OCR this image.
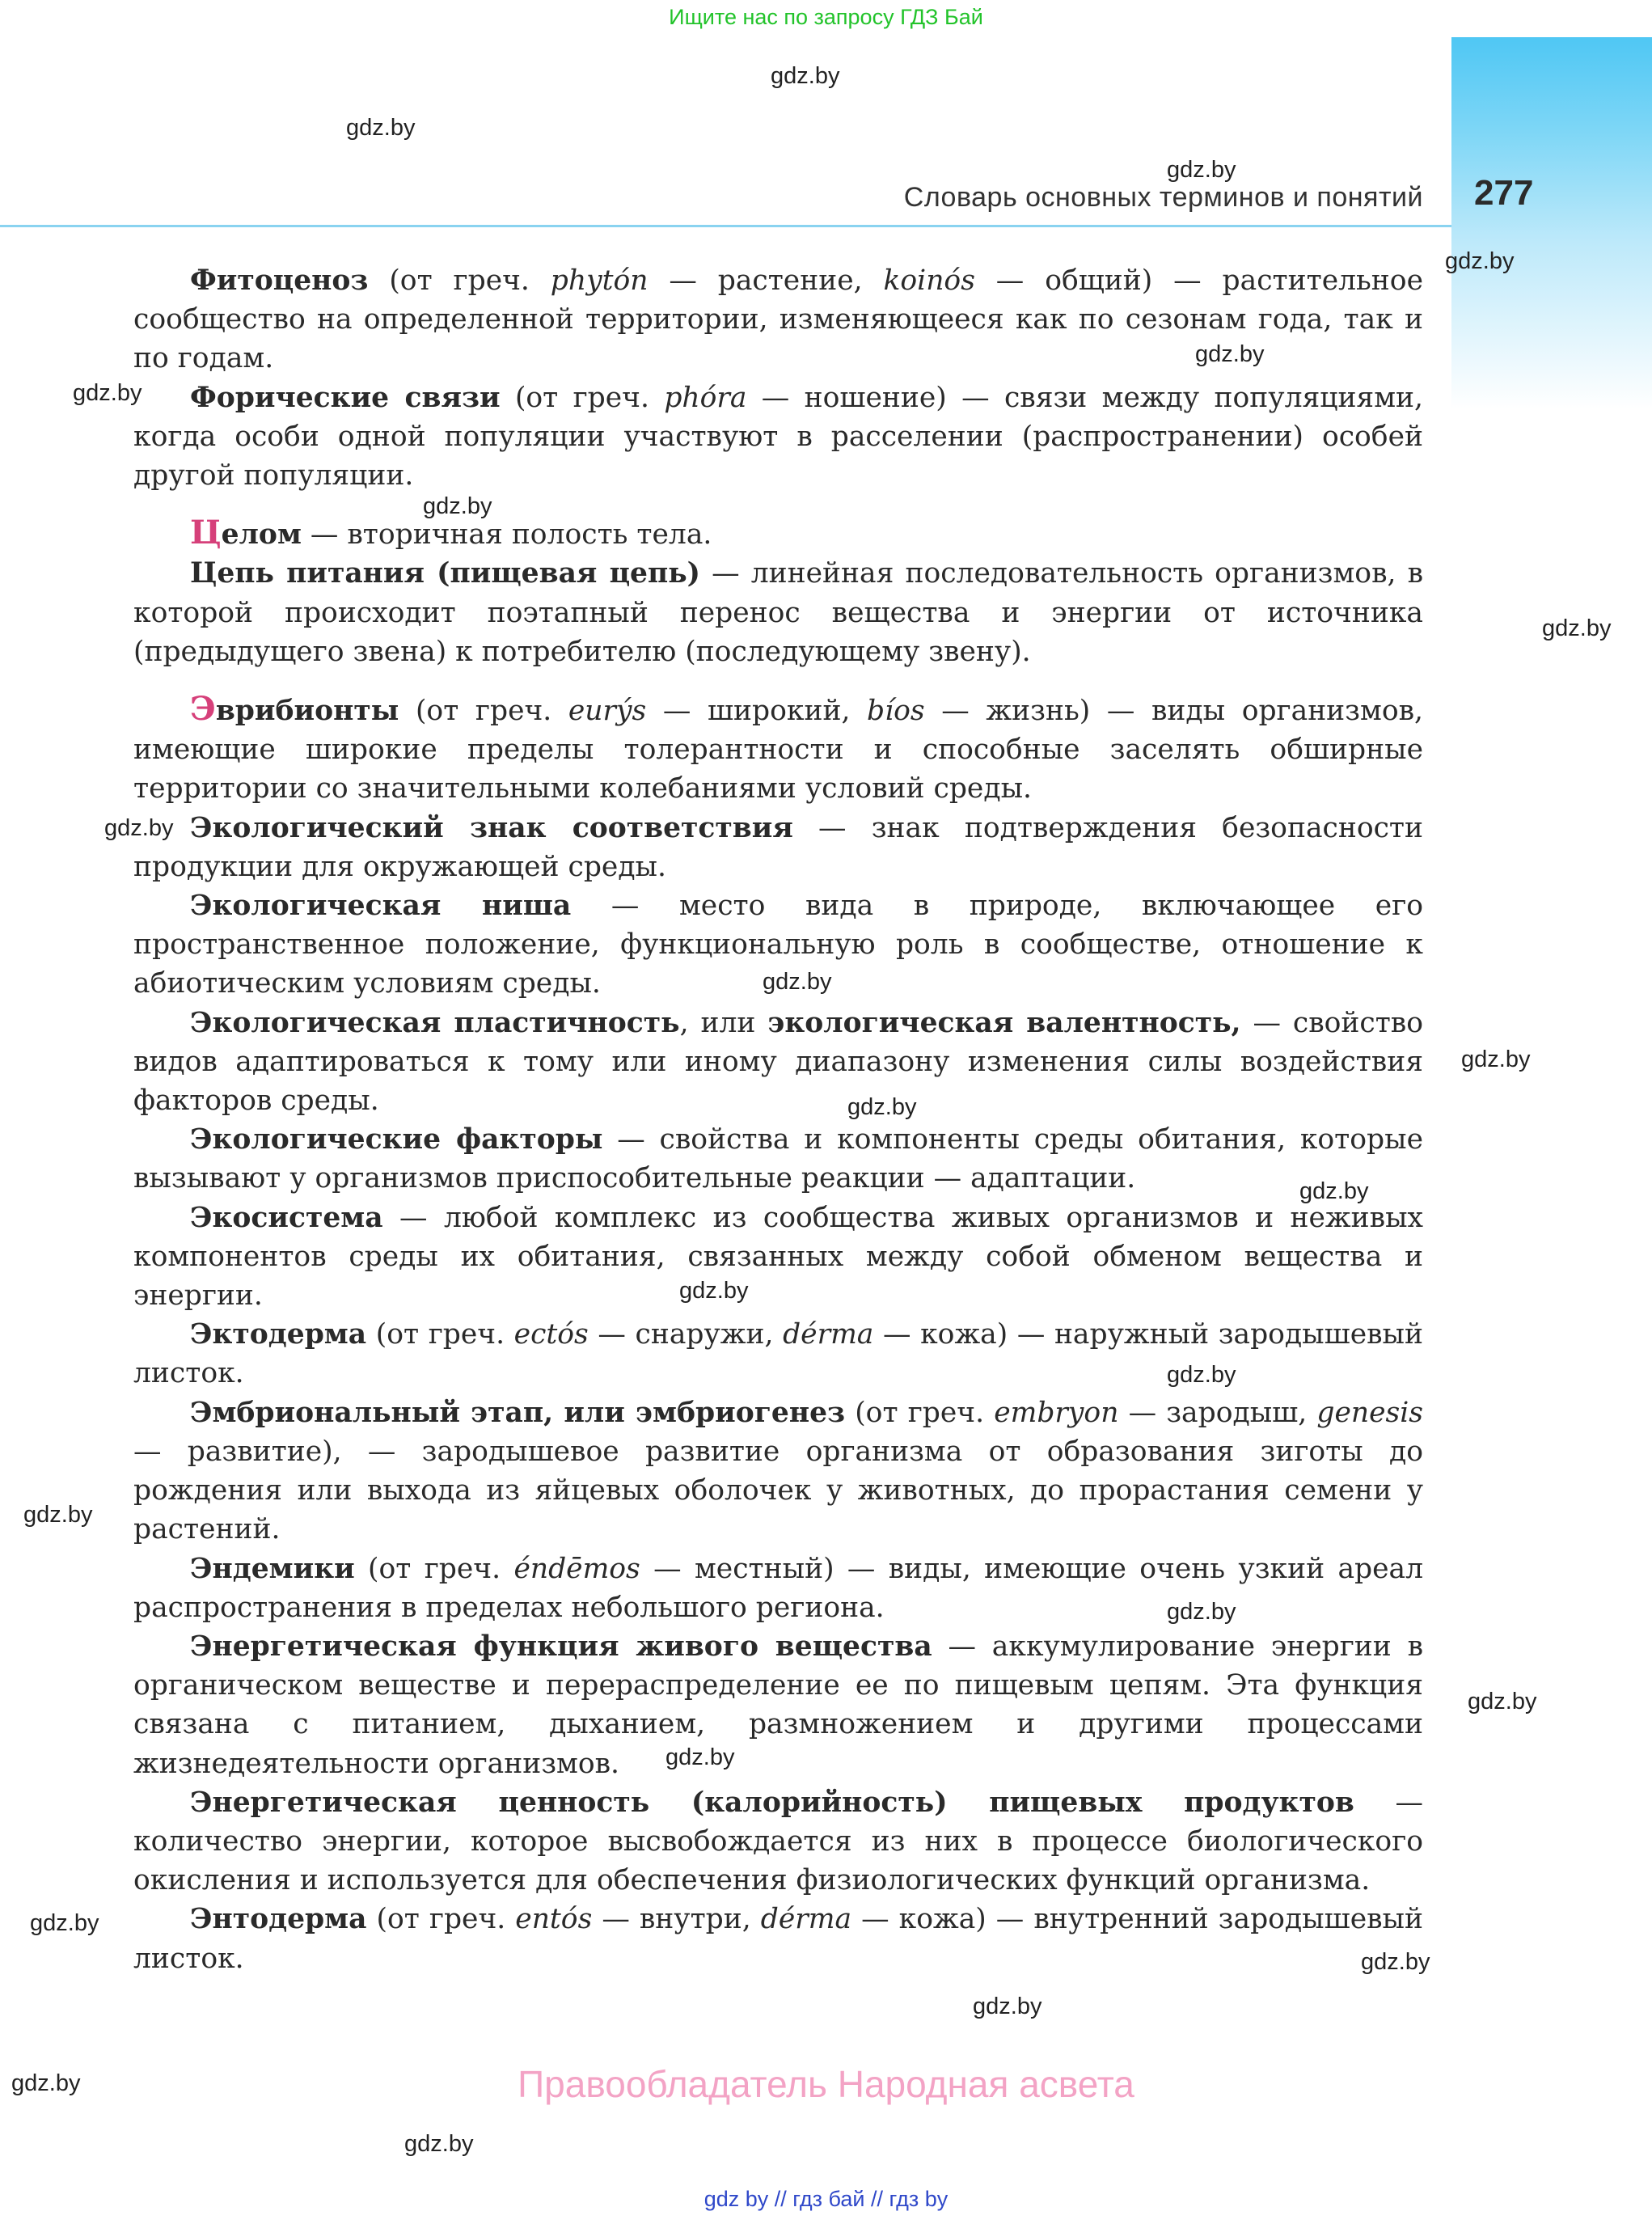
Ищите нас по запросу ГДЗ Бай
277
Словарь основных терминов и понятий

Фитоценоз (от греч. phytón — растение, koinós — общий) — растительное сообщество на определенной территории, изменяющееся как по сезонам года, так и по годам.

Форические связи (от греч. phóra — ношение) — связи между популяциями, когда особи одной популяции участвуют в расселении (распространении) особей другой популяции.

Целом — вторичная полость тела.

Цепь питания (пищевая цепь) — линейная последовательность организмов, в которой происходит поэтапный перенос вещества и энергии от источника (предыдущего звена) к потребителю (последующему звену).

Эврибионты (от греч. eurýs — широкий, bíos — жизнь) — виды организмов, имеющие широкие пределы толерантности и способные заселять обширные территории со значительными колебаниями условий среды.

Экологический знак соответствия — знак подтверждения безопасности продукции для окружающей среды.

Экологическая ниша — место вида в природе, включающее его пространственное положение, функциональную роль в сообществе, отношение к абиотическим условиям среды.

Экологическая пластичность, или экологическая валентность, — свойство видов адаптироваться к тому или иному диапазону изменения силы воздействия факторов среды.

Экологические факторы — свойства и компоненты среды обитания, которые вызывают у организмов приспособительные реакции — адаптации.

Экосистема — любой комплекс из сообщества живых организмов и неживых компонентов среды их обитания, связанных между собой обменом вещества и энергии.

Эктодерма (от греч. ectós — снаружи, dérma — кожа) — наружный зародышевый листок.

Эмбриональный этап, или эмбриогенез (от греч. embryon — зародыш, genesis — развитие), — зародышевое развитие организма от образования зиготы до рождения или выхода из яйцевых оболочек у животных, до прорастания семени у растений.

Эндемики (от греч. éndēmos — местный) — виды, имеющие очень узкий ареал распространения в пределах небольшого региона.

Энергетическая функция живого вещества — аккумулирование энергии в органическом веществе и перераспределение ее по пищевым цепям. Эта функция связана с питанием, дыханием, размножением и другими процессами жизнедеятельности организмов.

Энергетическая ценность (калорийность) пищевых продуктов — количество энергии, которое высвобождается из них в процессе биологического окисления и используется для обеспечения физиологических функций организма.

Энтодерма (от греч. entós — внутри, dérma — кожа) — внутренний зародышевый листок.

gdz.by
gdz.by
gdz.by
gdz.by
gdz.by
gdz.by
gdz.by
gdz.by
gdz.by
gdz.by
gdz.by
gdz.by
gdz.by
gdz.by
gdz.by
gdz.by
gdz.by
gdz.by
gdz.by
gdz.by
gdz.by
gdz.by
gdz.by
gdz.by
Правообладатель Народная асвета
gdz by // гдз бай // гдз by
